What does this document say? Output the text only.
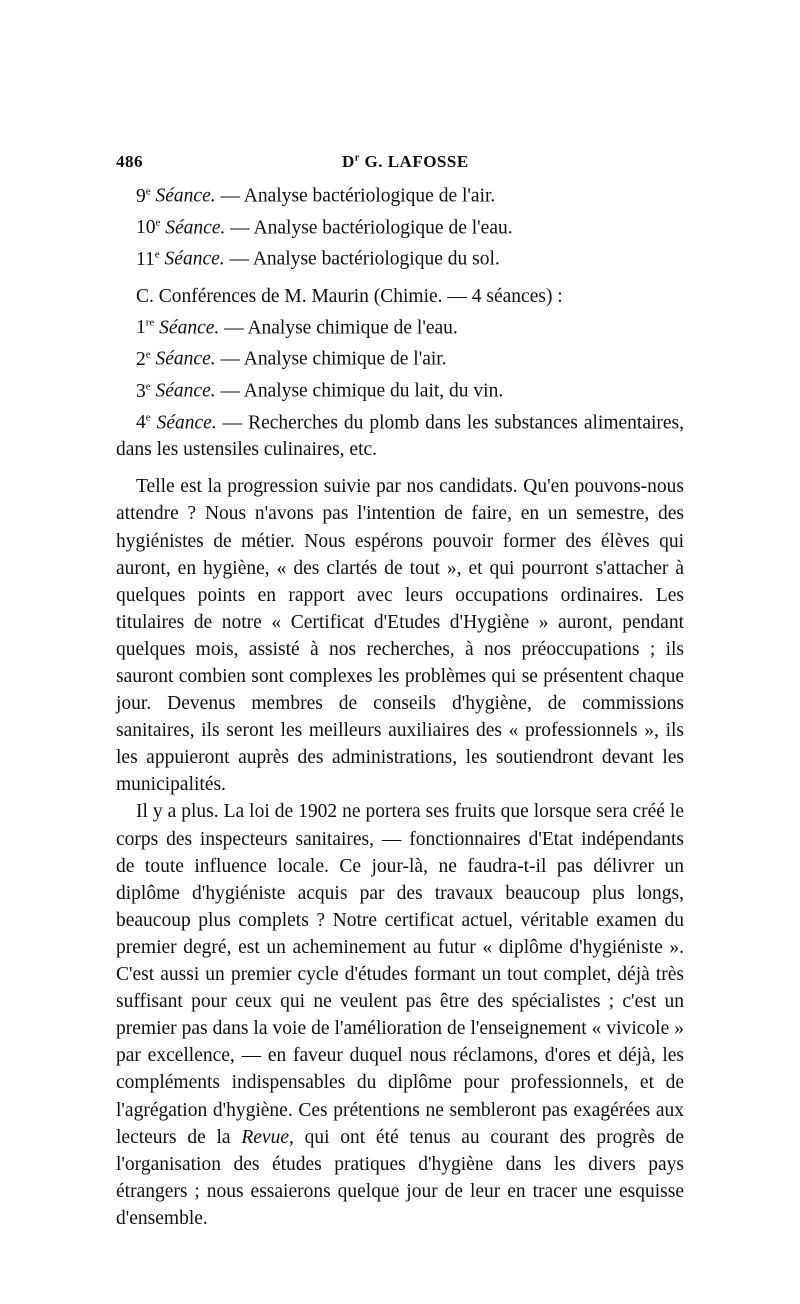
486	$D^r$ G. LAFOSSE
9e Séance. — Analyse bactériologique de l'air.
10e Séance. — Analyse bactériologique de l'eau.
11e Séance. — Analyse bactériologique du sol.
C. Conférences de M. Maurin (Chimie. — 4 séances) :
1re Séance. — Analyse chimique de l'eau.
2e Séance. — Analyse chimique de l'air.
3e Séance. — Analyse chimique du lait, du vin.

4e Séance. — Recherches du plomb dans les substances alimentaires, dans les ustensiles culinaires, etc.

Telle est la progression suivie par nos candidats. Qu'en pouvons-nous attendre ? Nous n'avons pas l'intention de faire, en un semestre, des hygiénistes de métier. Nous espérons pouvoir former des élèves qui auront, en hygiène, « des clartés de tout », et qui pourront s'attacher à quelques points en rapport avec leurs occupations ordinaires. Les titulaires de notre « Certificat d'Etudes d'Hygiène » auront, pendant quelques mois, assisté à nos recherches, à nos préoccupations ; ils sauront combien sont complexes les problèmes qui se présentent chaque jour. Devenus membres de conseils d'hygiène, de commissions sanitaires, ils seront les meilleurs auxiliaires des « professionnels », ils les appuieront auprès des administrations, les soutiendront devant les municipalités.

Il y a plus. La loi de 1902 ne portera ses fruits que lorsque sera créé le corps des inspecteurs sanitaires, — fonctionnaires d'Etat indépendants de toute influence locale. Ce jour-là, ne faudra-t-il pas délivrer un diplôme d'hygiéniste acquis par des travaux beaucoup plus longs, beaucoup plus complets ? Notre certificat actuel, véritable examen du premier degré, est un acheminement au futur « diplôme d'hygiéniste ». C'est aussi un premier cycle d'études formant un tout complet, déjà très suffisant pour ceux qui ne veulent pas être des spécialistes ; c'est un premier pas dans la voie de l'amélioration de l'enseignement « vivicole » par excellence, — en faveur duquel nous réclamons, d'ores et déjà, les compléments indispensables du diplôme pour professionnels, et de l'agrégation d'hygiène. Ces prétentions ne sembleront pas exagérées aux lecteurs de la Revue, qui ont été tenus au courant des progrès de l'organisation des études pratiques d'hygiène dans les divers pays étrangers ; nous essaierons quelque jour de leur en tracer une esquisse d'ensemble.
